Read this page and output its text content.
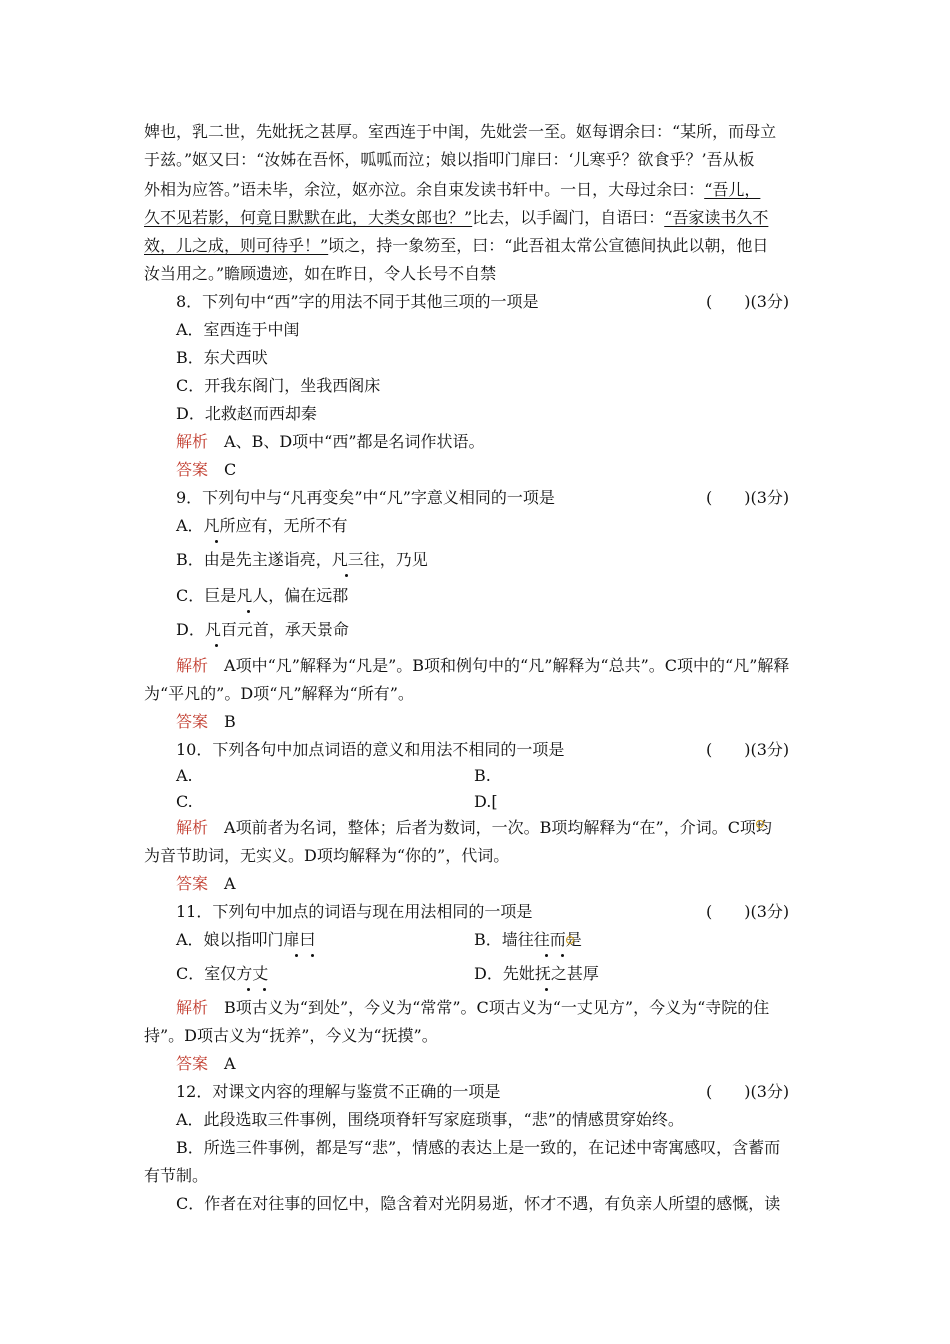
婢也，乳二世，先妣抚之甚厚。室西连于中闺，先妣尝一至。妪每谓余曰：“某所，而母立
于兹。”妪又曰：“汝姊在吾怀，呱呱而泣；娘以指叩门扉曰：‘儿寒乎？欲食乎？’吾从板
外相为应答。”语未毕，余泣，妪亦泣。余自束发读书轩中。一日，大母过余曰：“吾儿，
久不见若影，何竟日默默在此，大类女郎也？”比去，以手阖门，自语曰：“吾家读书久不
效，儿之成，则可待乎！”顷之，持一象笏至，曰：“此吾祖太常公宣德间执此以朝，他日
汝当用之。”瞻顾遗迹，如在昨日，令人长号不自禁
8．下列句中“西”字的用法不同于其他三项的一项是	(　　)(3分)
A．室西连于中闺
B．东犬西吠
C．开我东阁门，坐我西阁床
D．北救赵而西却秦
解析　A、B、D项中“西”都是名词作状语。
答案　C
9．下列句中与“凡再变矣”中“凡”字意义相同的一项是	(　　)(3分)
A．凡所应有，无所不有
B．由是先主遂诣亮，凡三往，乃见
C．巨是凡人，偏在远郡
D．凡百元首，承天景命
解析　A项中“凡”解释为“凡是”。B项和例句中的“凡”解释为“总共”。C项中的“凡”解释
为“平凡的”。D项“凡”解释为“所有”。
答案　B
10．下列各句中加点词语的意义和用法不相同的一项是	(　　)(3分)
A.	B.
C.	D.[
解析　A项前者为名词，整体；后者为数词，一次。B项均解释为“在”，介词。C项均
为音节助词，无实义。D项均解释为“你的”，代词。
答案　A
11．下列句中加点的词语与现在用法相同的一项是	(　　)(3分)
A．娘以指叩门扉曰	B．墙往往而是
C．室仅方丈	D．先妣抚之甚厚
解析　B项古义为“到处”，今义为“常常”。C项古义为“一丈见方”，今义为“寺院的住
持”。D项古义为“抚养”，今义为“抚摸”。
答案　A
12．对课文内容的理解与鉴赏不正确的一项是	(　　)(3分)
A．此段选取三件事例，围绕项脊轩写家庭琐事，“悲”的情感贯穿始终。
B．所选三件事例，都是写“悲”，情感的表达上是一致的，在记述中寄寓感叹，含蓄而
有节制。
C．作者在对往事的回忆中，隐含着对光阴易逝，怀才不遇，有负亲人所望的感慨，读
